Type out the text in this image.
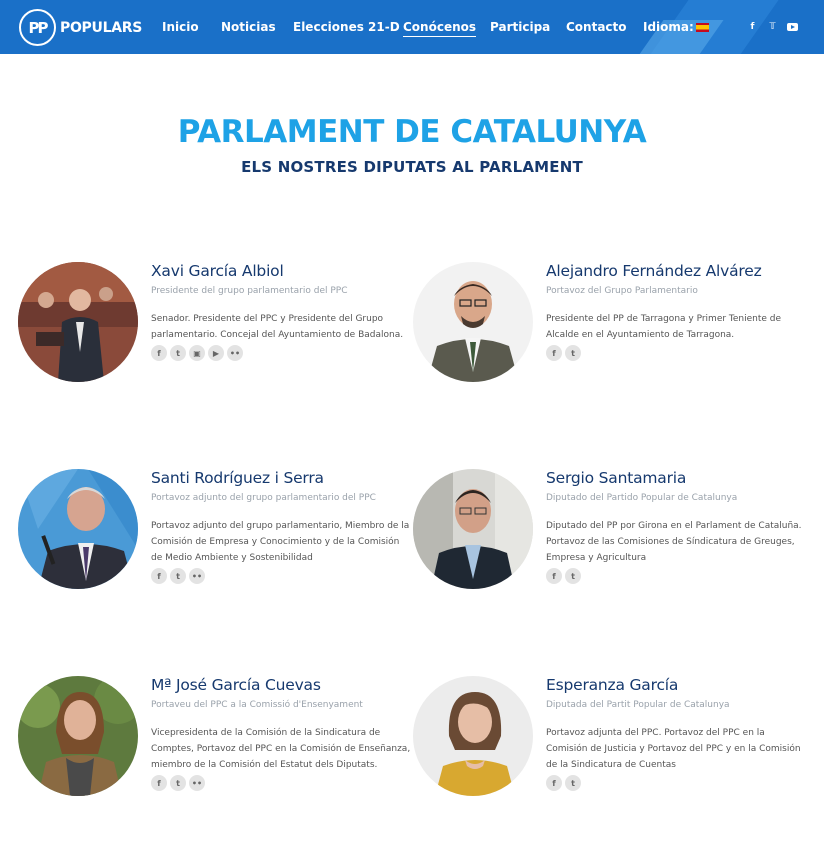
PP POPULARS Inicio Noticias Elecciones 21-D Conócenos Participa Contacto Idioma:	f	𝕋
PARLAMENT DE CATALUNYA
ELS NOSTRES DIPUTATS AL PARLAMENT
Xavi García Albiol
Presidente del grupo parlamentario del PPC
Senador. Presidente del PPC y Presidente del Grupo parlamentario. Concejal del Ayuntamiento de Badalona.
f	t	▣	▶	••
Alejandro Fernández Alvárez
Portavoz del Grupo Parlamentario
Presidente del PP de Tarragona y Primer Teniente de Alcalde en el Ayuntamiento de Tarragona.
f	t
Santi Rodríguez i Serra
Portavoz adjunto del grupo parlamentario del PPC
Portavoz adjunto del grupo parlamentario, Miembro de la Comisión de Empresa y Conocimiento y de la Comisión de Medio Ambiente y Sostenibilidad
f	t	••
Sergio Santamaria
Diputado del Partido Popular de Catalunya
Diputado del PP por Girona en el Parlament de Cataluña. Portavoz de las Comisiones de Síndicatura de Greuges, Empresa y Agricultura
f	t
Mª José García Cuevas
Portaveu del PPC a la Comissió d'Ensenyament
Vicepresidenta de la Comisión de la Sindicatura de Comptes, Portavoz del PPC en la Comisión de Enseñanza, miembro de la Comisión del Estatut dels Diputats.
f	t	••
Esperanza García
Diputada del Partit Popular de Catalunya
Portavoz adjunta del PPC. Portavoz del PPC en la Comisión de Justicia y Portavoz del PPC y en la Comisión de la Sindicatura de Cuentas
f	t
